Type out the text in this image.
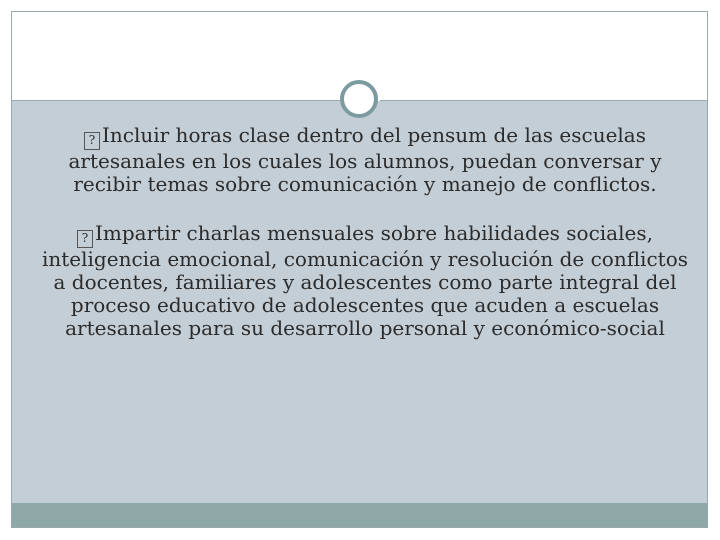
? Incluir horas clase dentro del pensum de las escuelas artesanales en los cuales los alumnos, puedan conversar y recibir temas sobre comunicación y manejo de conflictos.

? Impartir charlas mensuales sobre habilidades sociales, inteligencia emocional, comunicación y resolución de conflictos a docentes, familiares y adolescentes como parte integral del proceso educativo de adolescentes que acuden a escuelas artesanales para su desarrollo personal y económico-social
